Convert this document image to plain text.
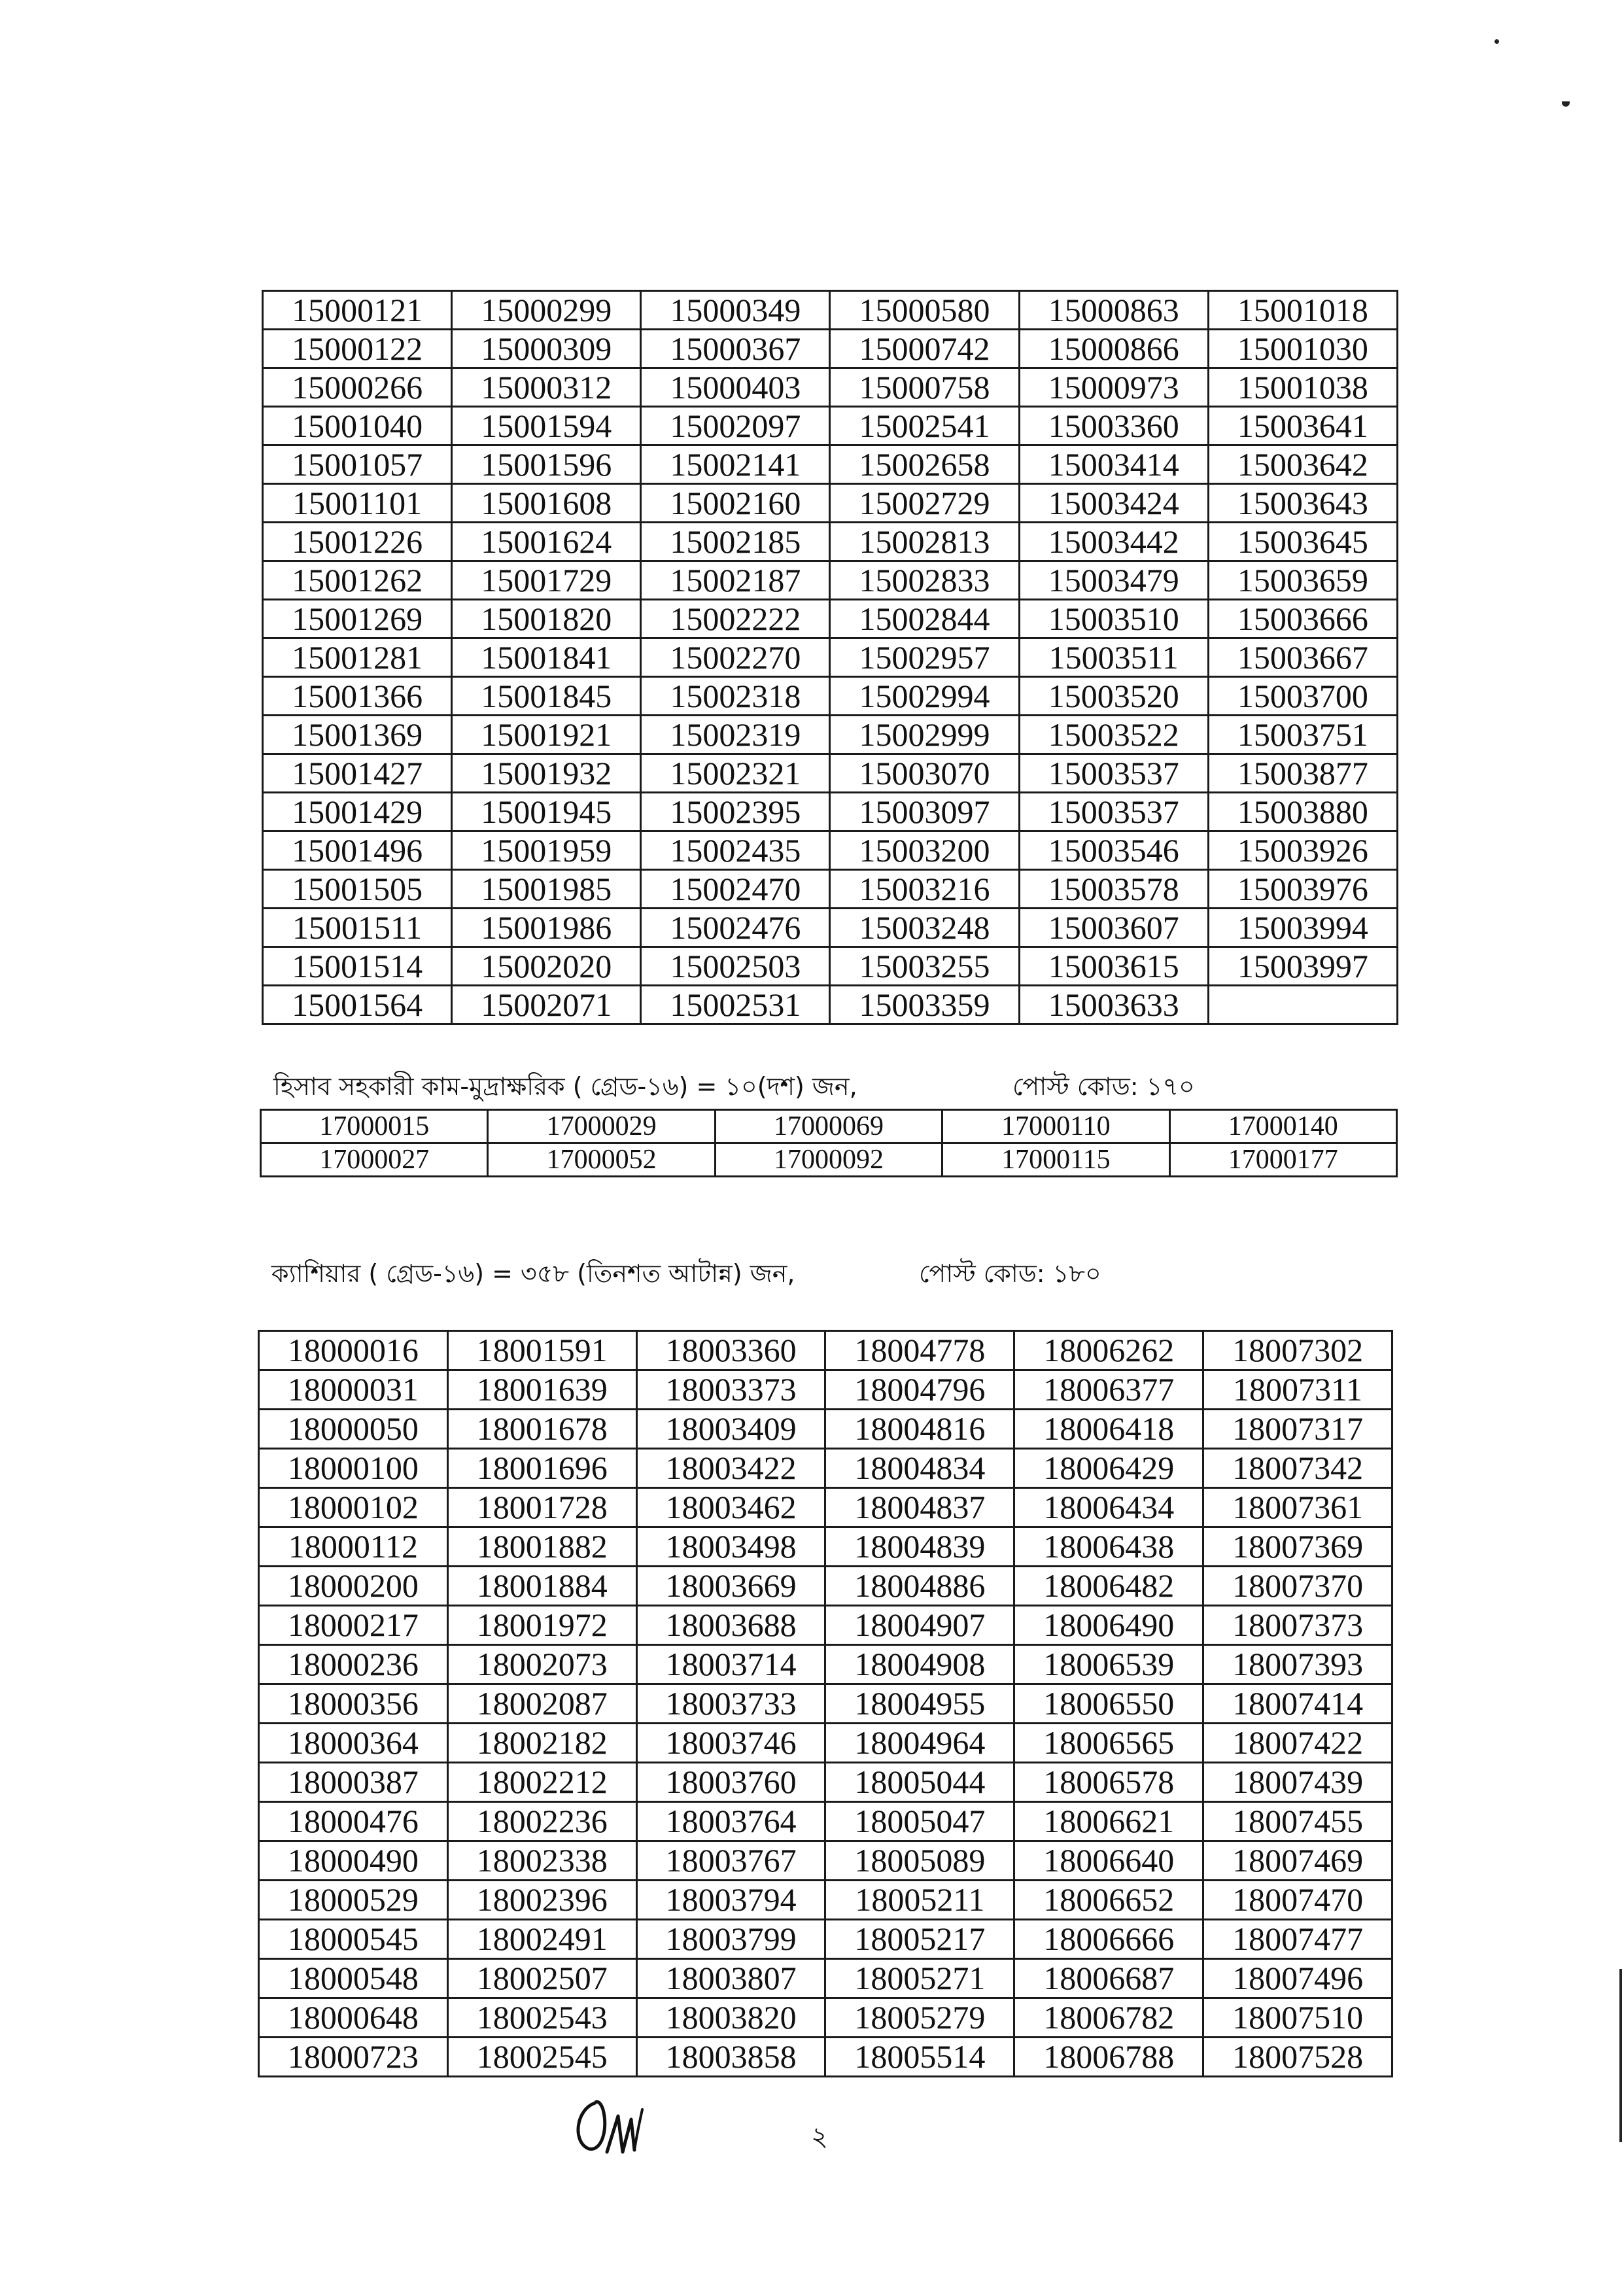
15000121	15000299	15000349	15000580	15000863	15001018
15000122	15000309	15000367	15000742	15000866	15001030
15000266	15000312	15000403	15000758	15000973	15001038
15001040	15001594	15002097	15002541	15003360	15003641
15001057	15001596	15002141	15002658	15003414	15003642
15001101	15001608	15002160	15002729	15003424	15003643
15001226	15001624	15002185	15002813	15003442	15003645
15001262	15001729	15002187	15002833	15003479	15003659
15001269	15001820	15002222	15002844	15003510	15003666
15001281	15001841	15002270	15002957	15003511	15003667
15001366	15001845	15002318	15002994	15003520	15003700
15001369	15001921	15002319	15002999	15003522	15003751
15001427	15001932	15002321	15003070	15003537	15003877
15001429	15001945	15002395	15003097	15003537	15003880
15001496	15001959	15002435	15003200	15003546	15003926
15001505	15001985	15002470	15003216	15003578	15003976
15001511	15001986	15002476	15003248	15003607	15003994
15001514	15002020	15002503	15003255	15003615	15003997
15001564	15002071	15002531	15003359	15003633	
হিসাব সহকারী কাম-মুদ্রাক্ষরিক ( গ্রেড-১৬) = ১০(দশ) জন,	পোস্ট কোড: ১৭০
17000015	17000029	17000069	17000110	17000140
17000027	17000052	17000092	17000115	17000177
ক্যাশিয়ার ( গ্রেড-১৬) = ৩৫৮ (তিনশত আটান্ন) জন,	পোস্ট কোড: ১৮০
18000016	18001591	18003360	18004778	18006262	18007302
18000031	18001639	18003373	18004796	18006377	18007311
18000050	18001678	18003409	18004816	18006418	18007317
18000100	18001696	18003422	18004834	18006429	18007342
18000102	18001728	18003462	18004837	18006434	18007361
18000112	18001882	18003498	18004839	18006438	18007369
18000200	18001884	18003669	18004886	18006482	18007370
18000217	18001972	18003688	18004907	18006490	18007373
18000236	18002073	18003714	18004908	18006539	18007393
18000356	18002087	18003733	18004955	18006550	18007414
18000364	18002182	18003746	18004964	18006565	18007422
18000387	18002212	18003760	18005044	18006578	18007439
18000476	18002236	18003764	18005047	18006621	18007455
18000490	18002338	18003767	18005089	18006640	18007469
18000529	18002396	18003794	18005211	18006652	18007470
18000545	18002491	18003799	18005217	18006666	18007477
18000548	18002507	18003807	18005271	18006687	18007496
18000648	18002543	18003820	18005279	18006782	18007510
18000723	18002545	18003858	18005514	18006788	18007528
২
